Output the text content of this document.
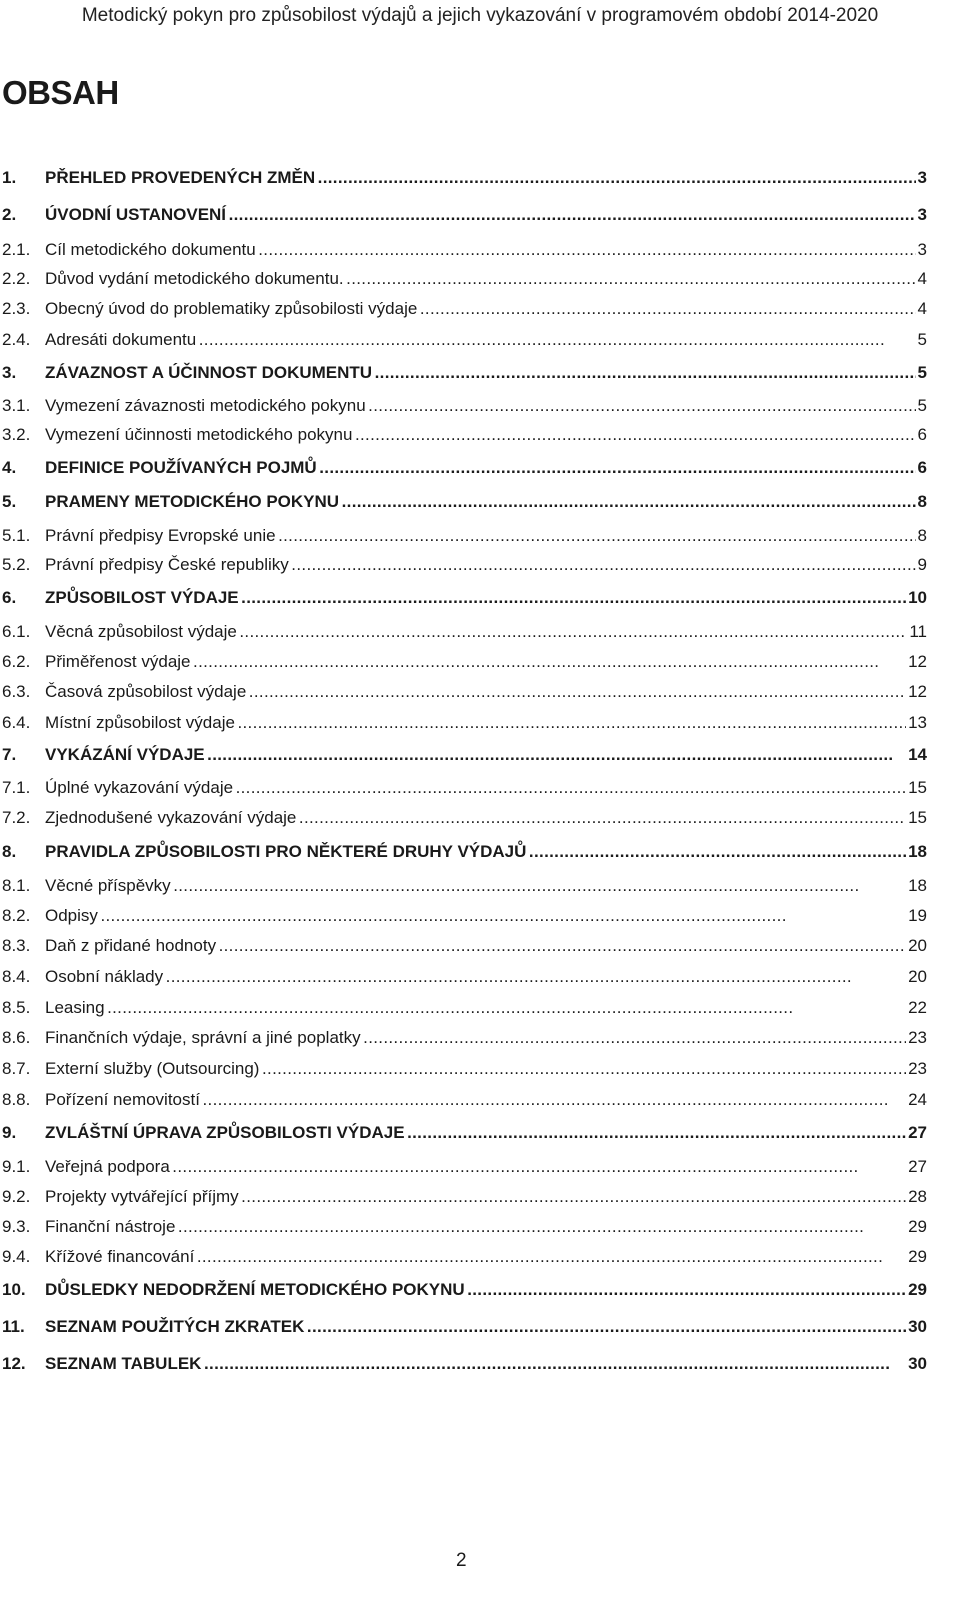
Metodický pokyn pro způsobilost výdajů a jejich vykazování v programovém období 2014-2020
OBSAH
1. PŘEHLED PROVEDENÝCH ZMĚN . . .	3
2. ÚVODNÍ USTANOVENÍ . . .	3
2.1. Cíl metodického dokumentu . . .	3
2.2. Důvod vydání metodického dokumentu. . . .	4
2.3. Obecný úvod do problematiky způsobilosti výdaje . . .	4
2.4. Adresáti dokumentu . . .	5
3. ZÁVAZNOST A ÚČINNOST DOKUMENTU . . .	5
3.1. Vymezení závaznosti metodického pokynu . . .	5
3.2. Vymezení účinnosti metodického pokynu . . .	6
4. DEFINICE POUŽÍVANÝCH POJMŮ . . .	6
5. PRAMENY METODICKÉHO POKYNU . . .	8
5.1. Právní předpisy Evropské unie . . .	8
5.2. Právní předpisy České republiky . . .	9
6. ZPŮSOBILOST VÝDAJE . . .	10
6.1. Věcná způsobilost výdaje . . .	11
6.2. Přiměřenost výdaje . . .	12
6.3. Časová způsobilost výdaje . . .	12
6.4. Místní způsobilost výdaje . . .	13
7. VYKÁZÁNÍ VÝDAJE . . .	14
7.1. Úplné vykazování výdaje . . .	15
7.2. Zjednodušené vykazování výdaje . . .	15
8. PRAVIDLA ZPŮSOBILOSTI PRO NĚKTERÉ DRUHY VÝDAJŮ . . .	18
8.1. Věcné příspěvky . . .	18
8.2. Odpisy . . .	19
8.3. Daň z přidané hodnoty . . .	20
8.4. Osobní náklady . . .	20
8.5. Leasing . . .	22
8.6. Finančních výdaje, správní a jiné poplatky . . .	23
8.7. Externí služby (Outsourcing) . . .	23
8.8. Pořízení nemovitostí . . .	24
9. ZVLÁŠTNÍ ÚPRAVA ZPŮSOBILOSTI VÝDAJE . . .	27
9.1. Veřejná podpora . . .	27
9.2. Projekty vytvářející příjmy . . .	28
9.3. Finanční nástroje . . .	29
9.4. Křížové financování . . .	29
10. DŮSLEDKY NEDODRŽENÍ METODICKÉHO POKYNU . . .	29
11. SEZNAM POUŽITÝCH ZKRATEK . . .	30
12. SEZNAM TABULEK . . .	30
2
